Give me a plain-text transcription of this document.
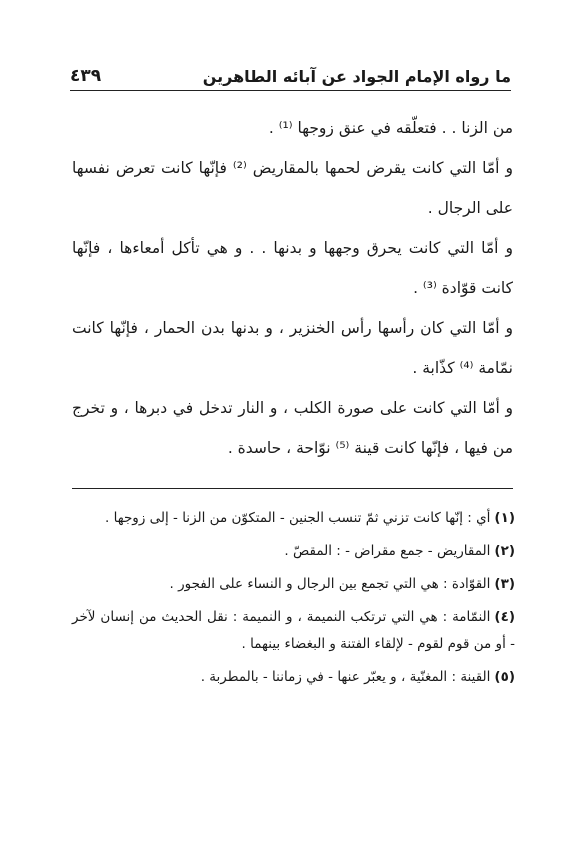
٤٣٩	ما رواه الإمام الجواد عن آبائه الطاهرين

من الزنا . . فتعلّقه في عنق زوجها ⁽¹⁾ .

و أمّا التي كانت يقرض لحمها بالمقاريض ⁽²⁾ فإنّها كانت تعرض نفسها على الرجال .

و أمّا التي كانت يحرق وجهها و بدنها . . و هي تأكل أمعاءها ، فإنّها كانت قوّادة ⁽³⁾ .

و أمّا التي كان رأسها رأس الخنزير ، و بدنها بدن الحمار ، فإنّها كانت نمّامة ⁽⁴⁾ كذّابة .

و أمّا التي كانت على صورة الكلب ، و النار تدخل في دبرها ، و تخرج من فيها ، فإنّها كانت قينة ⁽⁵⁾ نوّاحة ، حاسدة .

(١)أي : إنّها كانت تزني ثمّ تنسب الجنين - المتكوّن من الزنا - إلى زوجها .

(٢)المقاريض - جمع مقراض - : المقصّ .

(٣)القوّادة : هي التي تجمع بين الرجال و النساء على الفجور .

(٤)النمّامة : هي التي ترتكب النميمة ، و النميمة : نقل الحديث من إنسان لآخر - أو من قوم لقوم - لإلقاء الفتنة و البغضاء بينهما .

(٥)القينة : المغنّية ، و يعبّر عنها - في زماننا - بالمطربة .
